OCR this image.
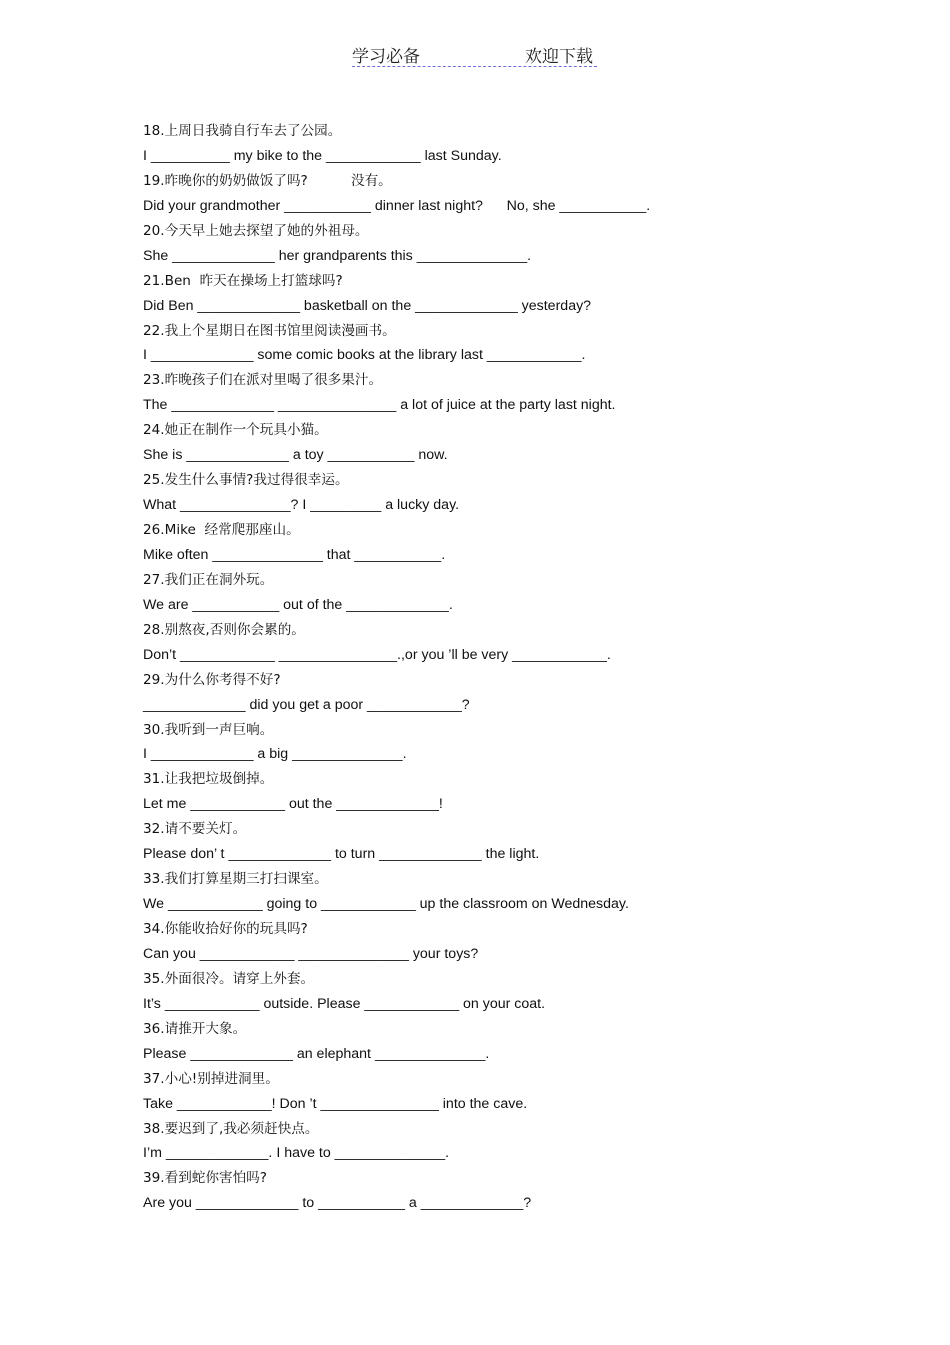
学习必备	欢迎下载
18.上周日我骑自行车去了公园。
I __________ my bike to the ____________ last Sunday.
19.昨晚你的奶奶做饭了吗?          没有。
Did your grandmother ___________ dinner last night?      No, she ___________.
20.今天早上她去探望了她的外祖母。
She _____________ her grandparents this ______________.
21.Ben  昨天在操场上打篮球吗?
Did Ben _____________ basketball on the _____________ yesterday?
22.我上个星期日在图书馆里阅读漫画书。
I _____________ some comic books at the library last ____________.
23.昨晚孩子们在派对里喝了很多果汁。
The _____________ _______________ a lot of juice at the party last night.
24.她正在制作一个玩具小猫。
She is _____________ a toy ___________ now.
25.发生什么事情?我过得很幸运。
What ______________? I _________ a lucky day.
26.Mike  经常爬那座山。
Mike often ______________ that ___________.
27.我们正在洞外玩。
We are ___________ out of the _____________.
28.别熬夜,否则你会累的。
Don’t ____________ _______________.,or you ’ll be very ____________.
29.为什么你考得不好?
_____________ did you get a poor ____________?
30.我听到一声巨响。
I _____________ a big ______________.
31.让我把垃圾倒掉。
Let me ____________ out the _____________!
32.请不要关灯。
Please don’ t _____________ to turn _____________ the light.
33.我们打算星期三打扫课室。
We ____________ going to ____________ up the classroom on Wednesday.
34.你能收拾好你的玩具吗?
Can you ____________ ______________ your toys?
35.外面很冷。请穿上外套。
It’s ____________ outside. Please ____________ on your coat.
36.请推开大象。
Please _____________ an elephant ______________.
37.小心!别掉进洞里。
Take ____________! Don ’t _______________ into the cave.
38.要迟到了,我必须赶快点。
I’m _____________. I have to ______________.
39.看到蛇你害怕吗?
Are you _____________ to ___________ a _____________?
